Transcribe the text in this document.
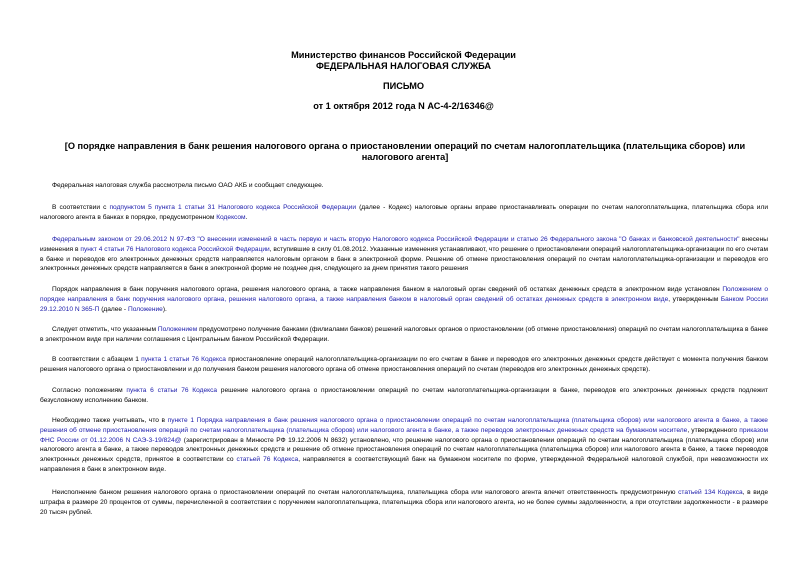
Министерство финансов Российской Федерации
ФЕДЕРАЛЬНАЯ НАЛОГОВАЯ СЛУЖБА
ПИСЬМО
от 1 октября 2012 года N АС-4-2/16346@
[О порядке направления в банк решения налогового органа о приостановлении операций по счетам налогоплательщика (плательщика сборов) или налогового агента]
Федеральная налоговая служба рассмотрела письмо ОАО АКБ и сообщает следующее.
В соответствии с подпунктом 5 пункта 1 статьи 31 Налогового кодекса Российской Федерации (далее - Кодекс) налоговые органы вправе приостанавливать операции по счетам налогоплательщика, плательщика сбора или налогового агента в банках в порядке, предусмотренном Кодексом.
Федеральным законом от 29.06.2012 N 97-ФЗ "О внесении изменений в часть первую и часть вторую Налогового кодекса Российской Федерации и статью 26 Федерального закона "О банках и банковской деятельности" внесены изменения в пункт 4 статьи 76 Налогового кодекса Российской Федерации, вступившие в силу 01.08.2012. Указанные изменения устанавливают, что решение о приостановлении операций налогоплательщика-организации по его счетам в банке и переводов его электронных денежных средств направляется налоговым органом в банк в электронной форме. Решение об отмене приостановления операций по счетам налогоплательщика-организации и переводов его электронных денежных средств направляется в банк в электронной форме не позднее дня, следующего за днем принятия такого решения
Порядок направления в банк поручения налогового органа, решения налогового органа, а также направления банком в налоговый орган сведений об остатках денежных средств в электронном виде установлен Положением о порядке направления в банк поручения налогового органа, решения налогового органа, а также направления банком в налоговый орган сведений об остатках денежных средств в электронном виде, утвержденным Банком России 29.12.2010 N 365-П (далее - Положение).
Следует отметить, что указанным Положением предусмотрено получение банками (филиалами банков) решений налоговых органов о приостановлении (об отмене приостановления) операций по счетам налогоплательщика в банке в электронном виде при наличии соглашения с Центральным банком Российской Федерации.
В соответствии с абзацем 1 пункта 1 статьи 76 Кодекса приостановление операций налогоплательщика-организации по его счетам в банке и переводов его электронных денежных средств действует с момента получения банком решения налогового органа о приостановлении и до получения банком решения налогового органа об отмене приостановления операций по счетам (переводов его электронных денежных средств).
Согласно положениям пункта 6 статьи 76 Кодекса решение налогового органа о приостановлении операций по счетам налогоплательщика-организации в банке, переводов его электронных денежных средств подлежит безусловному исполнению банком.
Необходимо также учитывать, что в пункте 1 Порядка направления в банк решения налогового органа о приостановлении операций по счетам налогоплательщика (плательщика сборов) или налогового агента в банке, а также решения об отмене приостановления операций по счетам налогоплательщика (плательщика сборов) или налогового агента в банке, а также переводов электронных денежных средств на бумажном носителе, утвержденного приказом ФНС России от 01.12.2006 N САЭ-3-19/824@ (зарегистрирован в Минюсте РФ 19.12.2006 N 8632) установлено, что решение налогового органа о приостановлении операций по счетам налогоплательщика (плательщика сборов) или налогового агента в банке, а также переводов электронных денежных средств и решение об отмене приостановления операций по счетам налогоплательщика (плательщика сборов) или налогового агента в банке, а также переводов электронных денежных средств, принятое в соответствии со статьей 76 Кодекса, направляется в соответствующий банк на бумажном носителе по форме, утвержденной Федеральной налоговой службой, при невозможности их направления в банк в электронном виде.
Неисполнение банком решения налогового органа о приостановлении операций по счетам налогоплательщика, плательщика сбора или налогового агента влечет ответственность предусмотренную статьей 134 Кодекса, в виде штрафа в размере 20 процентов от суммы, перечисленной в соответствии с поручением налогоплательщика, плательщика сбора или налогового агента, но не более суммы задолженности, а при отсутствии задолженности - в размере 20 тысяч рублей.
